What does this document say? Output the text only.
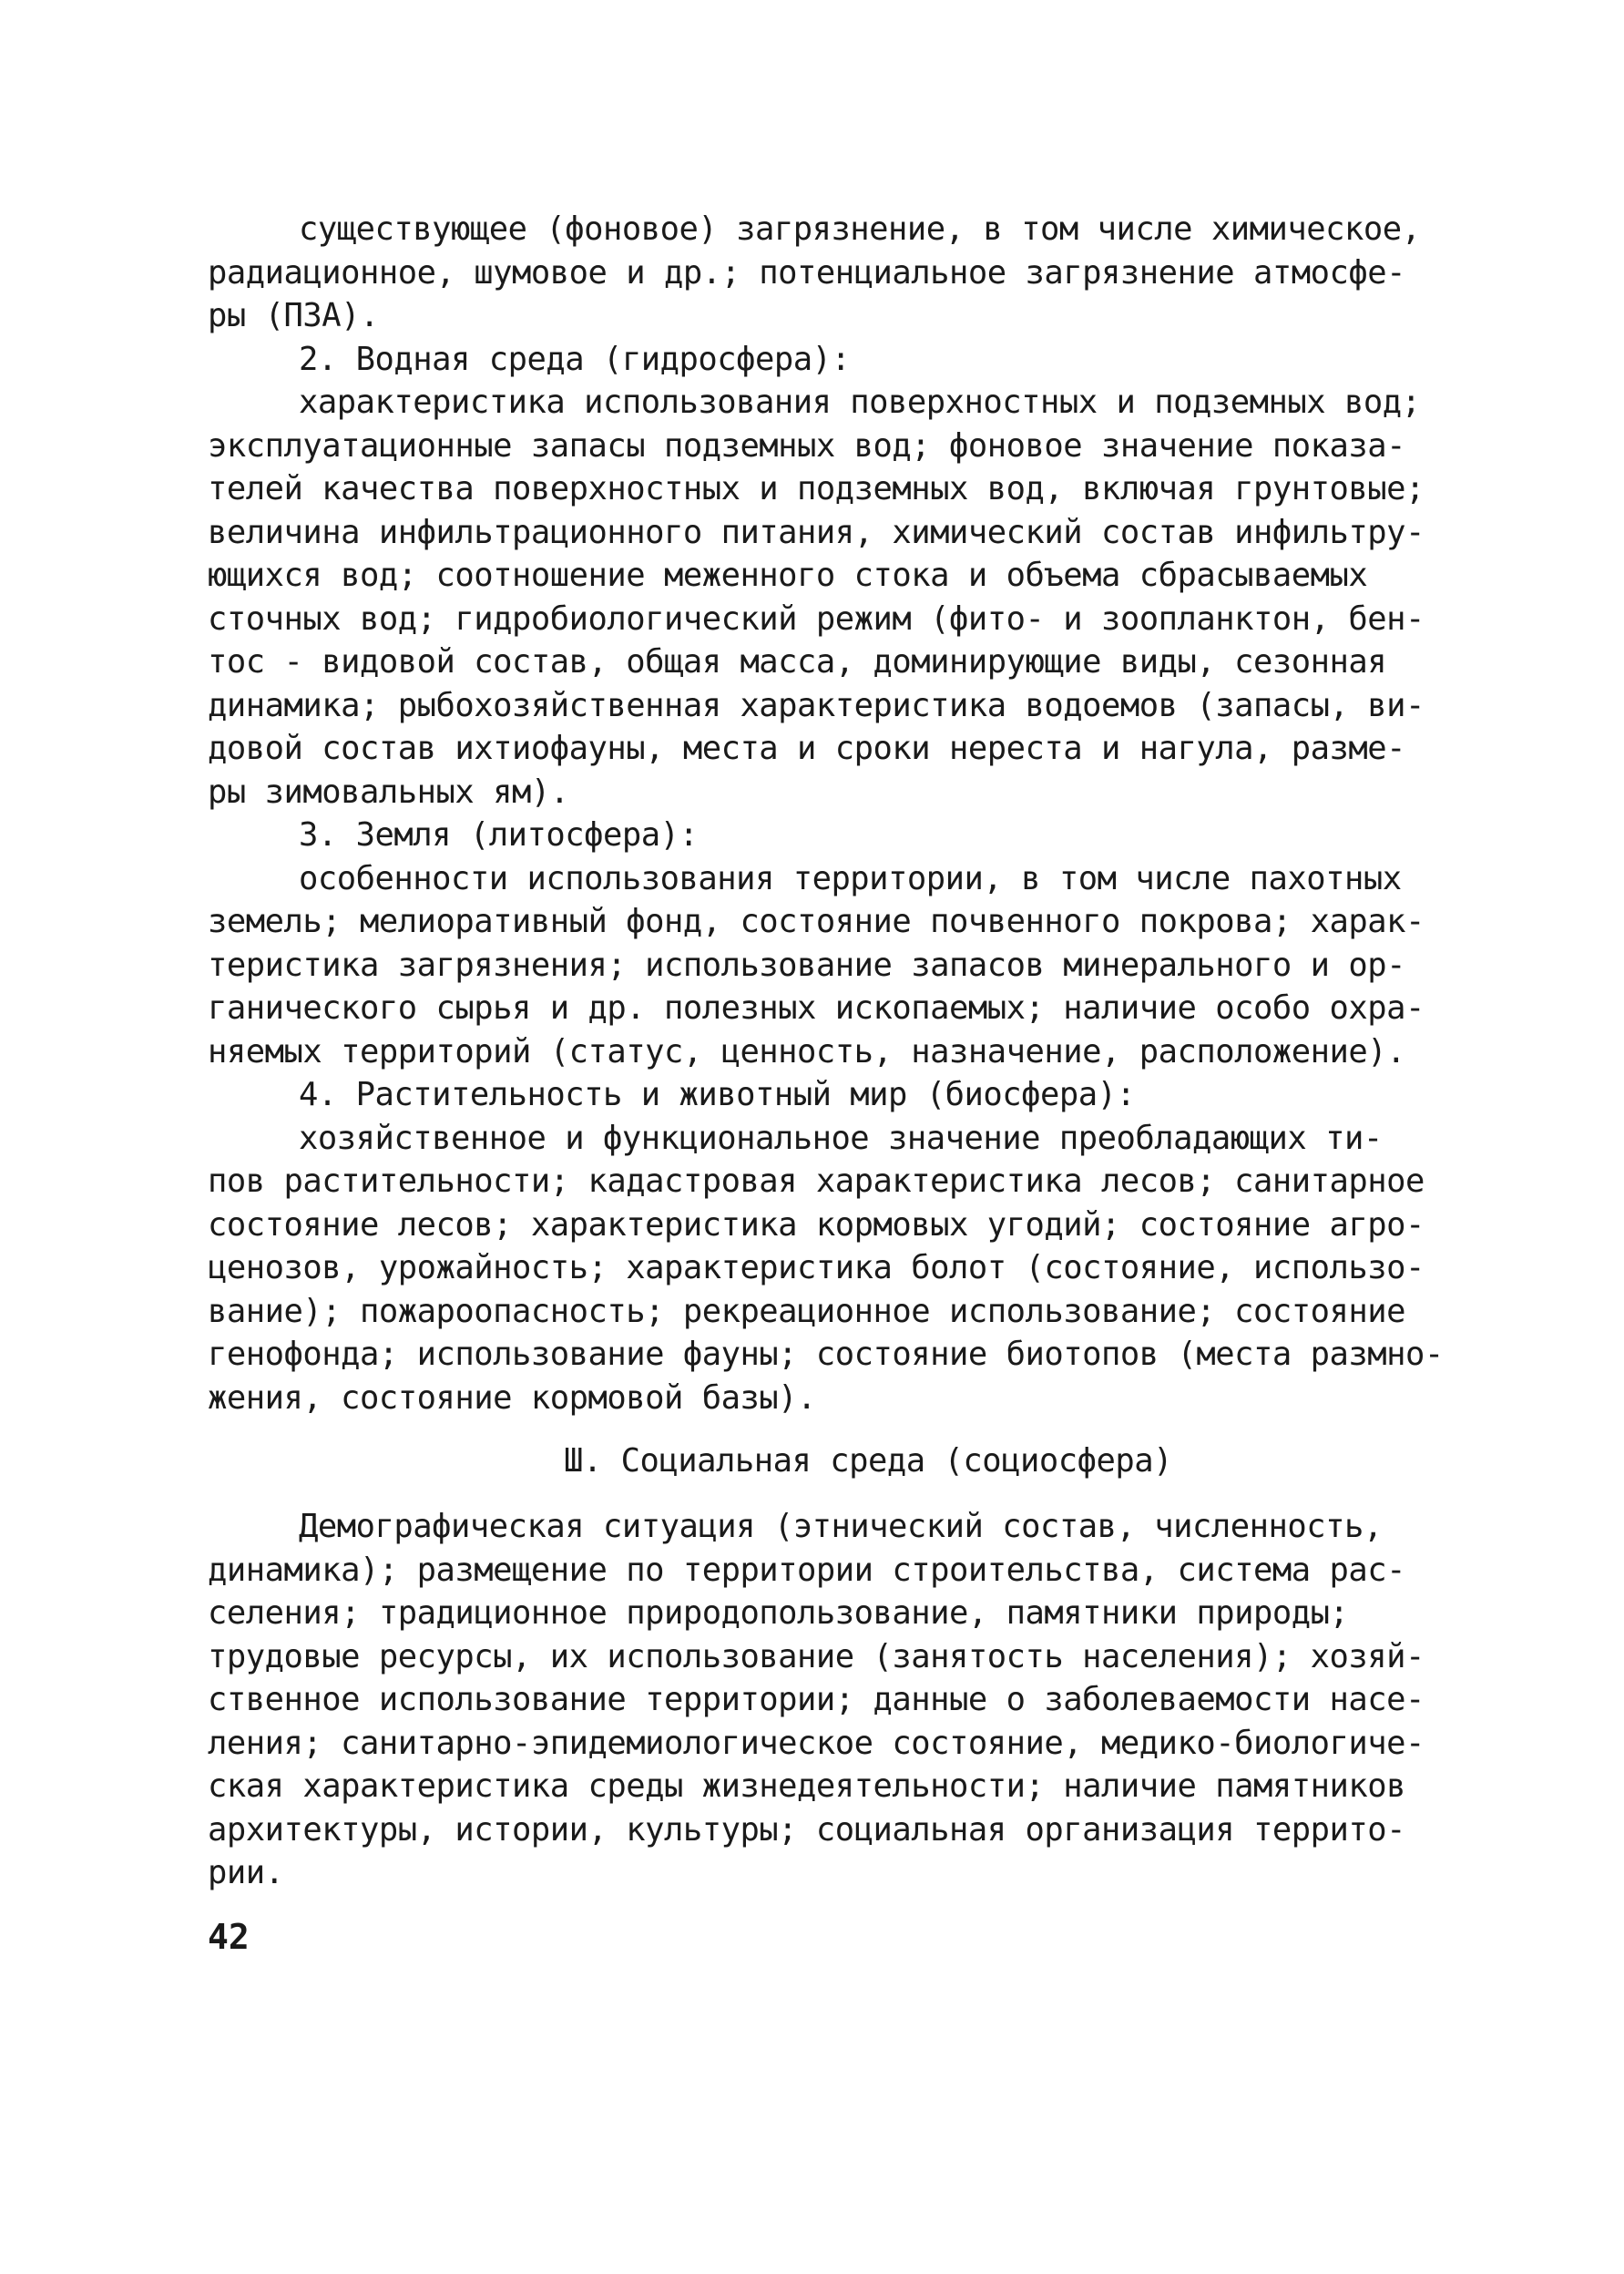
существующее (фоновое) загрязнение, в том числе химическое,
радиационное, шумовое и др.; потенциальное загрязнение атмосфе-
ры (ПЗА).
2. Водная среда (гидросфера):
характеристика использования поверхностных и подземных вод;
эксплуатационные запасы подземных вод; фоновое значение показа-
телей качества поверхностных и подземных вод, включая грунтовые;
величина инфильтрационного питания, химический состав инфильтру-
ющихся вод; соотношение меженного стока и объема сбрасываемых
сточных вод; гидробиологический режим (фито- и зоопланктон, бен-
тос - видовой состав, общая масса, доминирующие виды, сезонная
динамика; рыбохозяйственная характеристика водоемов (запасы, ви-
довой состав ихтиофауны, места и сроки нереста и нагула, разме-
ры зимовальных ям).
3. Земля (литосфера):
особенности использования территории, в том числе пахотных
земель; мелиоративный фонд, состояние почвенного покрова; харак-
теристика загрязнения; использование запасов минерального и ор-
ганического сырья и др. полезных ископаемых; наличие особо охра-
няемых территорий (статус, ценность, назначение, расположение).
4. Растительность и животный мир (биосфера):
хозяйственное и функциональное значение преобладающих ти-
пов растительности; кадастровая характеристика лесов; санитарное
состояние лесов; характеристика кормовых угодий; состояние агро-
ценозов, урожайность; характеристика болот (состояние, использо-
вание); пожароопасность; рекреационное использование; состояние
генофонда; использование фауны; состояние биотопов (места размно-
жения, состояние кормовой базы).
Ш. Социальная среда (социосфера)
Демографическая ситуация (этнический состав, численность,
динамика); размещение по территории строительства, система рас-
селения; традиционное природопользование, памятники природы;
трудовые ресурсы, их использование (занятость населения); хозяй-
ственное использование территории; данные о заболеваемости насе-
ления; санитарно-эпидемиологическое состояние, медико-биологиче-
ская характеристика среды жизнедеятельности; наличие памятников
архитектуры, истории, культуры; социальная организация террито-
рии.
42
